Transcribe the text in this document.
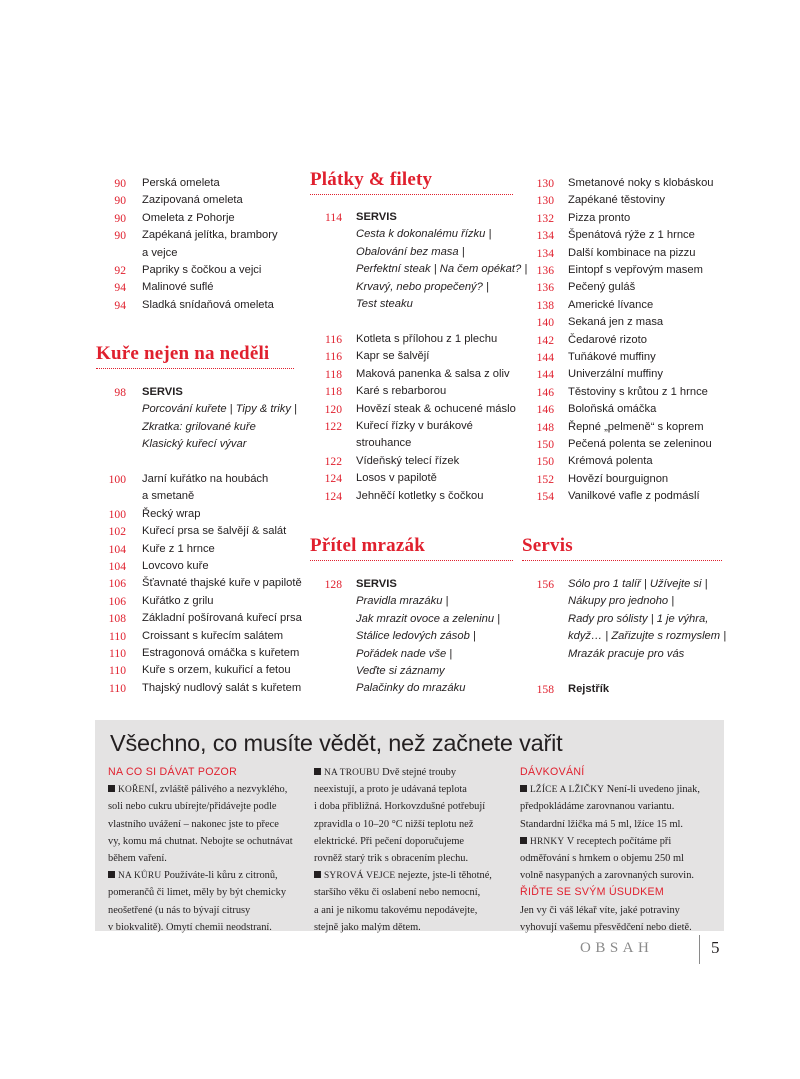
90 Perská omeleta
90 Zazipovaná omeleta
90 Omeleta z Pohorje
90 Zapékaná jelítka, brambory
a vejce
92 Papriky s čočkou a vejci
94 Malinové suflé
94 Sladká snídaňová omeleta
Kuře nejen na neděli
98 SERVIS
Porcování kuřete | Tipy & triky |
Zkratka: grilované kuře
Klasický kuřecí vývar
100 Jarní kuřátko na houbách
a smetaně
100 Řecký wrap
102 Kuřecí prsa se šalvějí & salát
104 Kuře z 1 hrnce
104 Lovcovo kuře
106 Šťavnaté thajské kuře v papilotě
106 Kuřátko z grilu
108 Základní pošírovaná kuřecí prsa
110 Croissant s kuřecím salátem
110 Estragonová omáčka s kuřetem
110 Kuře s orzem, kukuřicí a fetou
110 Thajský nudlový salát s kuřetem
Plátky & filety
114 SERVIS
Cesta k dokonalému řízku |
Obalování bez masa |
Perfektní steak | Na čem opékat? |
Krvavý, nebo propečený? |
Test steaku
116 Kotleta s přílohou z 1 plechu
116 Kapr se šalvějí
118 Maková panenka & salsa z oliv
118 Karé s rebarborou
120 Hovězí steak & ochucené máslo
122 Kuřecí řízky v burákové
strouhance
122 Vídeňský telecí řízek
124 Losos v papilotě
124 Jehněčí kotletky s čočkou
Přítel mrazák
128 SERVIS
Pravidla mrazáku |
Jak mrazit ovoce a zeleninu |
Stálice ledových zásob |
Pořádek nade vše |
Veďte si záznamy
Palačinky do mrazáku
130 Smetanové noky s klobáskou
130 Zapékané těstoviny
132 Pizza pronto
134 Špenátová rýže z 1 hrnce
134 Další kombinace na pizzu
136 Eintopf s vepřovým masem
136 Pečený guláš
138 Americké lívance
140 Sekaná jen z masa
142 Čedarové rizoto
144 Tuňákové muffiny
144 Univerzální muffiny
146 Těstoviny s krůtou z 1 hrnce
146 Boloňská omáčka
148 Řepné „pelmeně“ s koprem
150 Pečená polenta se zeleninou
150 Krémová polenta
152 Hovězí bourguignon
154 Vanilkové vafle z podmáslí
Servis
156 Sólo pro 1 talíř | Užívejte si |
Nákupy pro jednoho |
Rady pro sólisty | 1 je výhra,
když… | Zařizujte s rozmyslem |
Mrazák pracuje pro vás
158 Rejstřík
Všechno, co musíte vědět, než začnete vařit
NA CO SI DÁVAT POZOR
KOŘENÍ, zvláště pálivého a nezvyklého,
soli nebo cukru ubírejte/přidávejte podle
vlastního uvážení – nakonec jste to přece
vy, komu má chutnat. Nebojte se ochutnávat
během vaření.
NA KŮRU Používáte-li kůru z citronů,
pomerančů či limet, měly by být chemicky
neošetřené (u nás to bývají citrusy
v biokvalitě). Omytí chemii neodstraní.
NA TROUBU Dvě stejné trouby
neexistují, a proto je udávaná teplota
i doba přibližná. Horkovzdušné potřebují
zpravidla o 10–20 °C nižší teplotu než
elektrické. Při pečení doporučujeme
rovněž starý trik s obracením plechu.
SYROVÁ VEJCE nejezte, jste-li těhotné,
staršího věku či oslabení nebo nemocní,
a ani je nikomu takovému nepodávejte,
stejně jako malým dětem.
DÁVKOVÁNÍ
LŽÍCE A LŽIČKY Není-li uvedeno jinak,
předpokládáme zarovnanou variantu.
Standardní lžička má 5 ml, lžíce 15 ml.
HRNKY V receptech počítáme při
odměřování s hrnkem o objemu 250 ml
volně nasypaných a zarovnaných surovin.
ŘIĎTE SE SVÝM ÚSUDKEM
Jen vy či váš lékař víte, jaké potraviny
vyhovují vašemu přesvědčení nebo dietě.
OBSAH	5
